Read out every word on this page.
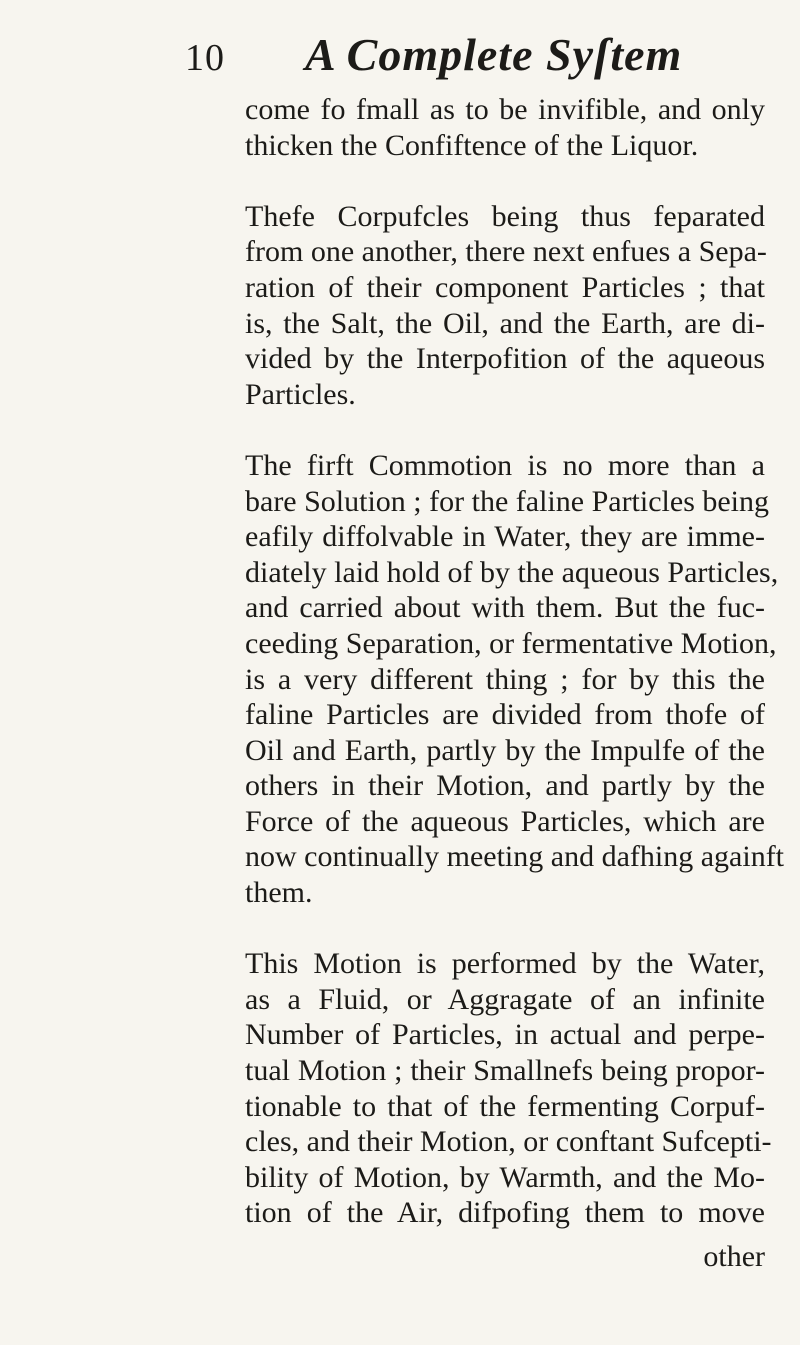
10	A Complete Syſtem

come fo fmall as to be invifible, and only
thicken the Confiftence of the Liquor.

Thefe Corpufcles being thus feparated
from one another, there next enfues a Sepa-
ration of their component Particles ; that
is, the Salt, the Oil, and the Earth, are di-
vided by the Interpofition of the aqueous
Particles.

The firft Commotion is no more than a
bare Solution ; for the faline Particles being
eafily diffolvable in Water, they are imme-
diately laid hold of by the aqueous Particles,
and carried about with them. But the fuc-
ceeding Separation, or fermentative Motion,
is a very different thing ; for by this the
faline Particles are divided from thofe of
Oil and Earth, partly by the Impulfe of the
others in their Motion, and partly by the
Force of the aqueous Particles, which are
now continually meeting and dafhing againft
them.

This Motion is performed by the Water,
as a Fluid, or Aggragate of an infinite
Number of Particles, in actual and perpe-
tual Motion ; their Smallnefs being propor-
tionable to that of the fermenting Corpuf-
cles, and their Motion, or conftant Sufcepti-
bility of Motion, by Warmth, and the Mo-
tion of the Air, difpofing them to move

other
